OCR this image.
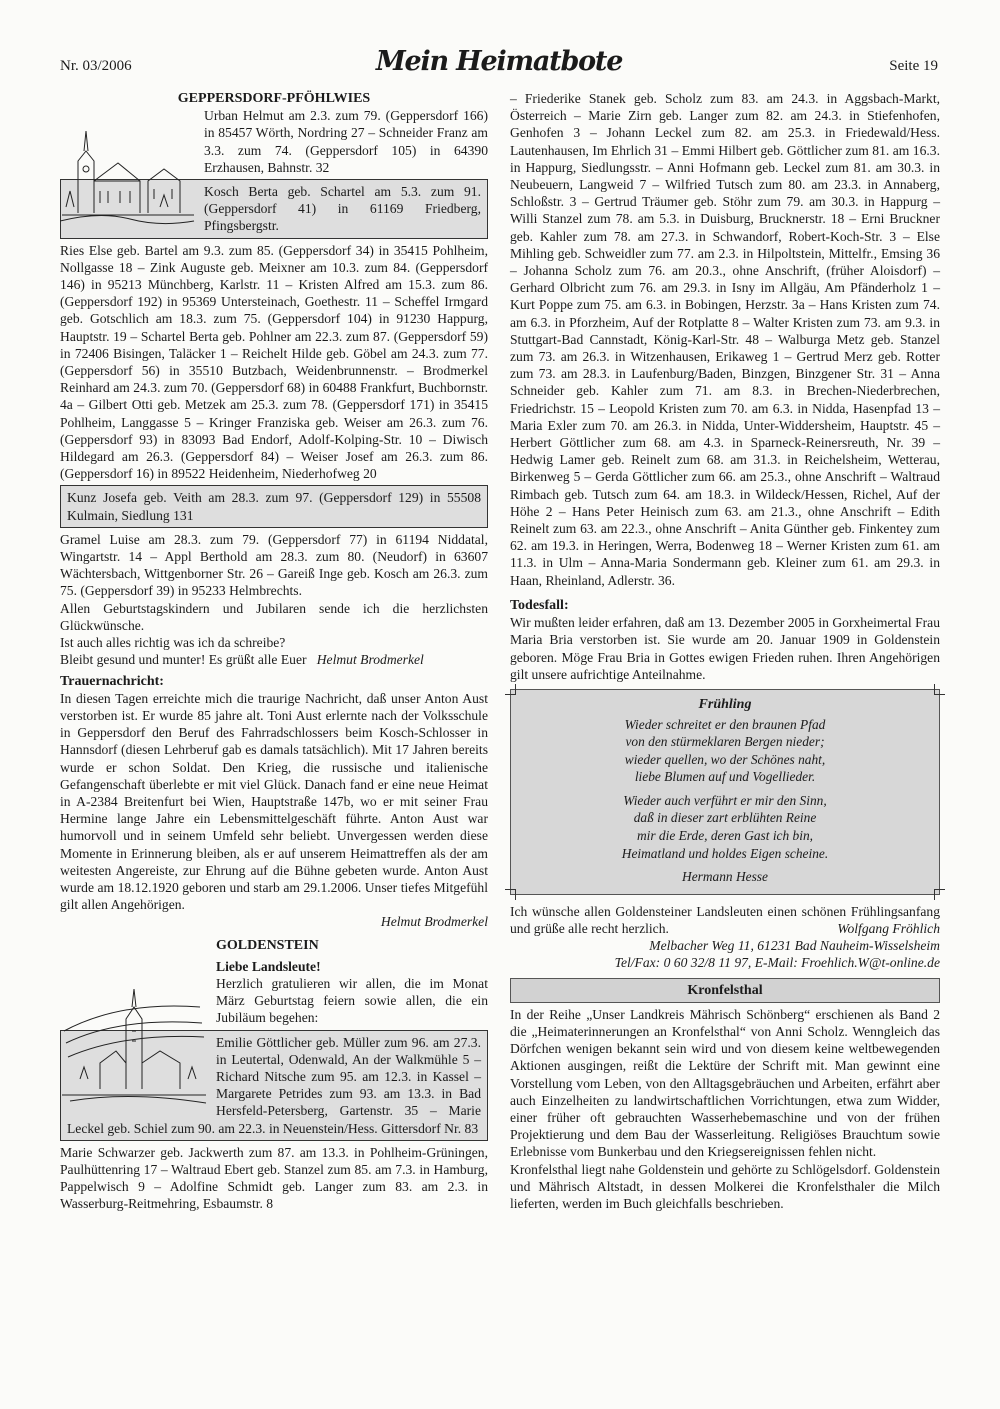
Nr. 03/2006	Mein Heimatbote	Seite 19
GEPPERSDORF-PFÖHLWIES

Urban Helmut am 2.3. zum 79. (Geppersdorf 166) in 85457 Wörth, Nordring 27 – Schneider Franz am 3.3. zum 74. (Geppersdorf 105) in 64390 Erzhausen, Bahnstr. 32

Kosch Berta geb. Schartel am 5.3. zum 91. (Geppersdorf 41) in 61169 Friedberg, Pfingsbergstr.

Ries Else geb. Bartel am 9.3. zum 85. (Geppersdorf 34) in 35415 Pohlheim, Nollgasse 18 – Zink Auguste geb. Meixner am 10.3. zum 84. (Geppersdorf 146) in 95213 Münchberg, Karlstr. 11 – Kristen Alfred am 15.3. zum 86. (Geppersdorf 192) in 95369 Untersteinach, Goethestr. 11 – Scheffel Irmgard geb. Gotschlich am 18.3. zum 75. (Geppersdorf 104) in 91230 Happurg, Hauptstr. 19 – Schartel Berta geb. Pohlner am 22.3. zum 87. (Geppersdorf 59) in 72406 Bisingen, Taläcker 1 – Reichelt Hilde geb. Göbel am 24.3. zum 77. (Geppersdorf 56) in 35510 Butzbach, Weidenbrunnenstr. – Brodmerkel Reinhard am 24.3. zum 70. (Geppersdorf 68) in 60488 Frankfurt, Buchbornstr. 4a – Gilbert Otti geb. Metzek am 25.3. zum 78. (Geppersdorf 171) in 35415 Pohlheim, Langgasse 5 – Kringer Franziska geb. Weiser am 26.3. zum 76. (Geppersdorf 93) in 83093 Bad Endorf, Adolf-Kolping-Str. 10 – Diwisch Hildegard am 26.3. (Geppersdorf 84) – Weiser Josef am 26.3. zum 86. (Geppersdorf 16) in 89522 Heidenheim, Niederhofweg 20

Kunz Josefa geb. Veith am 28.3. zum 97. (Geppersdorf 129) in 55508 Kulmain, Siedlung 131

Gramel Luise am 28.3. zum 79. (Geppersdorf 77) in 61194 Niddatal, Wingartstr. 14 – Appl Berthold am 28.3. zum 80. (Neudorf) in 63607 Wächtersbach, Wittgenborner Str. 26 – Gareiß Inge geb. Kosch am 26.3. zum 75. (Geppersdorf 39) in 95233 Helmbrechts.

Allen Geburtstagskindern und Jubilaren sende ich die herzlichsten Glückwünsche.

Ist auch alles richtig was ich da schreibe?

Bleibt gesund und munter! Es grüßt alle Euer Helmut Brodmerkel

Trauernachricht:

In diesen Tagen erreichte mich die traurige Nachricht, daß unser Anton Aust verstorben ist. Er wurde 85 jahre alt. Toni Aust erlernte nach der Volksschule in Geppersdorf den Beruf des Fahrradschlossers beim Kosch-Schlosser in Hannsdorf (diesen Lehrberuf gab es damals tatsächlich). Mit 17 Jahren bereits wurde er schon Soldat. Den Krieg, die russische und italienische Gefangenschaft überlebte er mit viel Glück. Danach fand er eine neue Heimat in A-2384 Breitenfurt bei Wien, Hauptstraße 147b, wo er mit seiner Frau Hermine lange Jahre ein Lebensmittelgeschäft führte. Anton Aust war humorvoll und in seinem Umfeld sehr beliebt. Unvergessen werden diese Momente in Erinnerung bleiben, als er auf unserem Heimattreffen als der am weitesten Angereiste, zur Ehrung auf die Bühne gebeten wurde. Anton Aust wurde am 18.12.1920 geboren und starb am 29.1.2006. Unser tiefes Mitgefühl gilt allen Angehörigen.

Helmut Brodmerkel

GOLDENSTEIN

Liebe Landsleute!

Herzlich gratulieren wir allen, die im Monat März Geburtstag feiern sowie allen, die ein Jubiläum begehen:

Emilie Göttlicher geb. Müller zum 96. am 27.3. in Leutertal, Odenwald, An der Walkmühle 5 – Richard Nitsche zum 95. am 12.3. in Kassel – Margarete Petrides zum 93. am 13.3. in Bad Hersfeld-Petersberg, Gartenstr. 35 – Marie Leckel geb. Schiel zum 90. am 22.3. in Neuenstein/Hess. Gittersdorf Nr. 83

Marie Schwarzer geb. Jackwerth zum 87. am 13.3. in Pohlheim-Grüningen, Paulhüttenring 17 – Waltraud Ebert geb. Stanzel zum 85. am 7.3. in Hamburg, Pappelwisch 9 – Adolfine Schmidt geb. Langer zum 83. am 2.3. in Wasserburg-Reitmehring, Esbaumstr. 8

– Friederike Stanek geb. Scholz zum 83. am 24.3. in Aggsbach-Markt, Österreich – Marie Zirn geb. Langer zum 82. am 24.3. in Stiefenhofen, Genhofen 3 – Johann Leckel zum 82. am 25.3. in Friedewald/Hess. Lautenhausen, Im Ehrlich 31 – Emmi Hilbert geb. Göttlicher zum 81. am 16.3. in Happurg, Siedlungsstr. – Anni Hofmann geb. Leckel zum 81. am 30.3. in Neubeuern, Langweid 7 – Wilfried Tutsch zum 80. am 23.3. in Annaberg, Schloßstr. 3 – Gertrud Träumer geb. Stöhr zum 79. am 30.3. in Happurg – Willi Stanzel zum 78. am 5.3. in Duisburg, Brucknerstr. 18 – Erni Bruckner geb. Kahler zum 78. am 27.3. in Schwandorf, Robert-Koch-Str. 3 – Else Mihling geb. Schweidler zum 77. am 2.3. in Hilpoltstein, Mittelfr., Emsing 36 – Johanna Scholz zum 76. am 20.3., ohne Anschrift, (früher Aloisdorf) – Gerhard Olbricht zum 76. am 29.3. in Isny im Allgäu, Am Pfänderholz 1 – Kurt Poppe zum 75. am 6.3. in Bobingen, Herzstr. 3a – Hans Kristen zum 74. am 6.3. in Pforzheim, Auf der Rotplatte 8 – Walter Kristen zum 73. am 9.3. in Stuttgart-Bad Cannstadt, König-Karl-Str. 48 – Walburga Metz geb. Stanzel zum 73. am 26.3. in Witzenhausen, Erikaweg 1 – Gertrud Merz geb. Rotter zum 73. am 28.3. in Laufenburg/Baden, Binzgen, Binzgener Str. 31 – Anna Schneider geb. Kahler zum 71. am 8.3. in Brechen-Niederbrechen, Friedrichstr. 15 – Leopold Kristen zum 70. am 6.3. in Nidda, Hasenpfad 13 – Maria Exler zum 70. am 26.3. in Nidda, Unter-Widdersheim, Hauptstr. 45 – Herbert Göttlicher zum 68. am 4.3. in Sparneck-Reinersreuth, Nr. 39 – Hedwig Lamer geb. Reinelt zum 68. am 31.3. in Reichelsheim, Wetterau, Birkenweg 5 – Gerda Göttlicher zum 66. am 25.3., ohne Anschrift – Waltraud Rimbach geb. Tutsch zum 64. am 18.3. in Wildeck/Hessen, Richel, Auf der Höhe 2 – Hans Peter Heinisch zum 63. am 21.3., ohne Anschrift – Edith Reinelt zum 63. am 22.3., ohne Anschrift – Anita Günther geb. Finkentey zum 62. am 19.3. in Heringen, Werra, Bodenweg 18 – Werner Kristen zum 61. am 11.3. in Ulm – Anna-Maria Sondermann geb. Kleiner zum 61. am 29.3. in Haan, Rheinland, Adlerstr. 36.

Todesfall:

Wir mußten leider erfahren, daß am 13. Dezember 2005 in Gorxheimertal Frau Maria Bria verstorben ist. Sie wurde am 20. Januar 1909 in Goldenstein geboren. Möge Frau Bria in Gottes ewigen Frieden ruhen. Ihren Angehörigen gilt unsere aufrichtige Anteilnahme.

Frühling
Wieder schreitet er den braunen Pfad
von den stürmeklaren Bergen nieder;
wieder quellen, wo der Schönes naht,
liebe Blumen auf und Vogellieder.
Wieder auch verführt er mir den Sinn,
daß in dieser zart erblühten Reine
mir die Erde, deren Gast ich bin,
Heimatland und holdes Eigen scheine.
Hermann Hesse

Ich wünsche allen Goldensteiner Landsleuten einen schönen Frühlingsanfang und grüße alle recht herzlich.	Wolfgang Fröhlich

Melbacher Weg 11, 61231 Bad Nauheim-Wisselsheim

Tel/Fax: 0 60 32/8 11 97, E-Mail: Froehlich.W@t-online.de

Kronfelsthal

In der Reihe „Unser Landkreis Mährisch Schönberg“ erschienen als Band 2 die „Heimaterinnerungen an Kronfelsthal“ von Anni Scholz. Wenngleich das Dörfchen wenigen bekannt sein wird und von diesem keine weltbewegenden Aktionen ausgingen, reißt die Lektüre der Schrift mit. Man gewinnt eine Vorstellung vom Leben, von den Alltagsgebräuchen und Arbeiten, erfährt aber auch Einzelheiten zu landwirtschaftlichen Vorrichtungen, etwa zum Widder, einer früher oft gebrauchten Wasserhebemaschine und von der frühen Projektierung und dem Bau der Wasserleitung. Religiöses Brauchtum sowie Erlebnisse vom Bunkerbau und den Kriegsereignissen fehlen nicht.

Kronfelsthal liegt nahe Goldenstein und gehörte zu Schlögelsdorf. Goldenstein und Mährisch Altstadt, in dessen Molkerei die Kronfelsthaler die Milch lieferten, werden im Buch gleichfalls beschrieben.
